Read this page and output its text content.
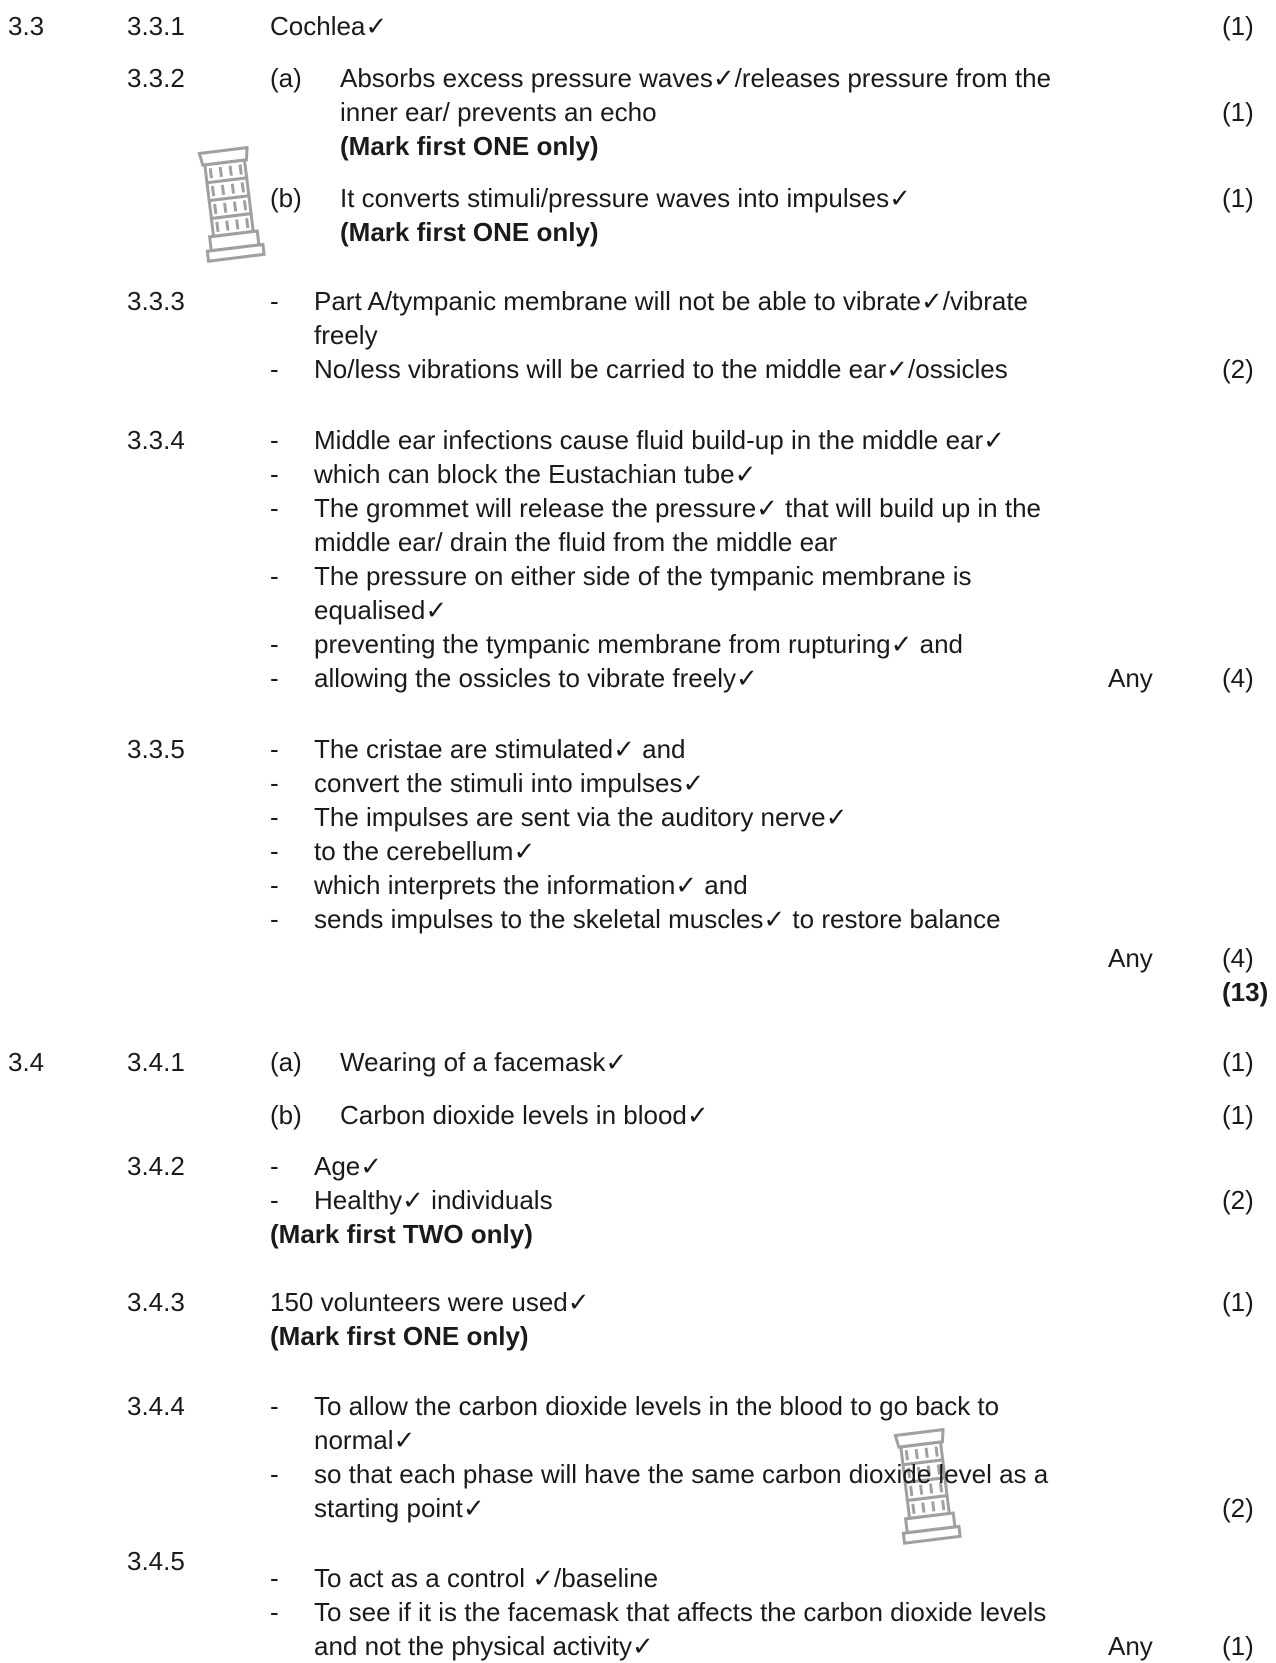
3.3	3.3.1	Cochlea✓	(1)
3.3.2	(a) Absorbs excess pressure waves✓/releases pressure from the
inner ear/ prevents an echo	(1)
(Mark first ONE only)
(b) It converts stimuli/pressure waves into impulses✓	(1)
(Mark first ONE only)
3.3.3	- Part A/tympanic membrane will not be able to vibrate✓/vibrate
freely
- No/less vibrations will be carried to the middle ear✓/ossicles	(2)
3.3.4	- Middle ear infections cause fluid build-up in the middle ear✓
- which can block the Eustachian tube✓
- The grommet will release the pressure✓ that will build up in the
middle ear/ drain the fluid from the middle ear
- The pressure on either side of the tympanic membrane is
equalised✓
- preventing the tympanic membrane from rupturing✓ and
- allowing the ossicles to vibrate freely✓	Any	(4)
3.3.5	- The cristae are stimulated✓ and
- convert the stimuli into impulses✓
- The impulses are sent via the auditory nerve✓
- to the cerebellum✓
- which interprets the information✓ and
- sends impulses to the skeletal muscles✓ to restore balance
Any	(4)
(13)
3.4	3.4.1	(a) Wearing of a facemask✓	(1)
(b) Carbon dioxide levels in blood✓	(1)
3.4.2	- Age✓
- Healthy✓ individuals	(2)
(Mark first TWO only)
3.4.3	150 volunteers were used✓	(1)
(Mark first ONE only)
3.4.4	- To allow the carbon dioxide levels in the blood to go back to
normal✓
- so that each phase will have the same carbon dioxide level as a
starting point✓	(2)
3.4.5
- To act as a control ✓/baseline
- To see if it is the facemask that affects the carbon dioxide levels
and not the physical activity✓	Any	(1)
